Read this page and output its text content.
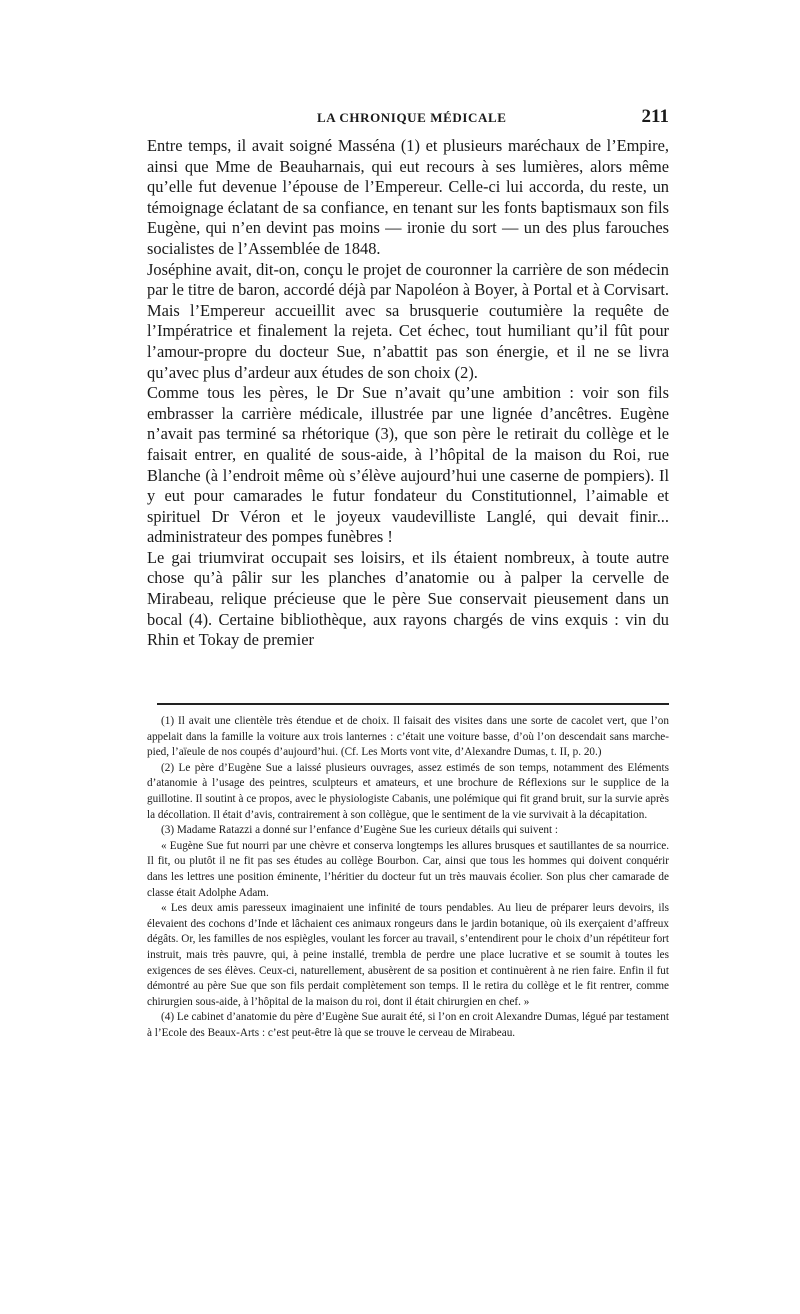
LA CHRONIQUE MÉDICALE	211

Entre temps, il avait soigné Masséna (1) et plusieurs maréchaux de l’Empire, ainsi que Mme de Beauharnais, qui eut recours à ses lumières, alors même qu’elle fut devenue l’épouse de l’Empereur. Celle-ci lui accorda, du reste, un témoignage éclatant de sa confiance, en tenant sur les fonts baptismaux son fils Eugène, qui n’en devint pas moins — ironie du sort — un des plus farouches socialistes de l’Assemblée de 1848.

Joséphine avait, dit-on, conçu le projet de couronner la carrière de son médecin par le titre de baron, accordé déjà par Napoléon à Boyer, à Portal et à Corvisart. Mais l’Empereur accueillit avec sa brusquerie coutumière la requête de l’Impératrice et finalement la rejeta. Cet échec, tout humiliant qu’il fût pour l’amour-propre du docteur Sue, n’abattit pas son énergie, et il ne se livra qu’avec plus d’ardeur aux études de son choix (2).

Comme tous les pères, le Dr Sue n’avait qu’une ambition : voir son fils embrasser la carrière médicale, illustrée par une lignée d’ancêtres. Eugène n’avait pas terminé sa rhétorique (3), que son père le retirait du collège et le faisait entrer, en qualité de sous-aide, à l’hôpital de la maison du Roi, rue Blanche (à l’endroit même où s’élève aujourd’hui une caserne de pompiers). Il y eut pour camarades le futur fondateur du Constitutionnel, l’aimable et spirituel Dr Véron et le joyeux vaudevilliste Langlé, qui devait finir... administrateur des pompes funèbres !

Le gai triumvirat occupait ses loisirs, et ils étaient nombreux, à toute autre chose qu’à pâlir sur les planches d’anatomie ou à palper la cervelle de Mirabeau, relique précieuse que le père Sue conservait pieusement dans un bocal (4). Certaine bibliothèque, aux rayons chargés de vins exquis : vin du Rhin et Tokay de premier

(1) Il avait une clientèle très étendue et de choix. Il faisait des visites dans une sorte de cacolet vert, que l’on appelait dans la famille la voiture aux trois lanternes : c’était une voiture basse, d’où l’on descendait sans marche-pied, l’aïeule de nos coupés d’aujourd’hui. (Cf. Les Morts vont vite, d’Alexandre Dumas, t. II, p. 20.)

(2) Le père d’Eugène Sue a laissé plusieurs ouvrages, assez estimés de son temps, notamment des Eléments d’atanomie à l’usage des peintres, sculpteurs et amateurs, et une brochure de Réflexions sur le supplice de la guillotine. Il soutint à ce propos, avec le physiologiste Cabanis, une polémique qui fit grand bruit, sur la survie après la décollation. Il était d’avis, contrairement à son collègue, que le sentiment de la vie survivait à la décapitation.

(3) Madame Ratazzi a donné sur l’enfance d’Eugène Sue les curieux détails qui suivent :

« Eugène Sue fut nourri par une chèvre et conserva longtemps les allures brusques et sautillantes de sa nourrice. Il fit, ou plutôt il ne fit pas ses études au collège Bourbon. Car, ainsi que tous les hommes qui doivent conquérir dans les lettres une position éminente, l’héritier du docteur fut un très mauvais écolier. Son plus cher camarade de classe était Adolphe Adam.

« Les deux amis paresseux imaginaient une infinité de tours pendables. Au lieu de préparer leurs devoirs, ils élevaient des cochons d’Inde et lâchaient ces animaux rongeurs dans le jardin botanique, où ils exerçaient d’affreux dégâts. Or, les familles de nos espiègles, voulant les forcer au travail, s’entendirent pour le choix d’un répétiteur fort instruit, mais très pauvre, qui, à peine installé, trembla de perdre une place lucrative et se soumit à toutes les exigences de ses élèves. Ceux-ci, naturellement, abusèrent de sa position et continuèrent à ne rien faire. Enfin il fut démontré au père Sue que son fils perdait complètement son temps. Il le retira du collège et le fit rentrer, comme chirurgien sous-aide, à l’hôpital de la maison du roi, dont il était chirurgien en chef. »

(4) Le cabinet d’anatomie du père d’Eugène Sue aurait été, si l’on en croit Alexandre Dumas, légué par testament à l’Ecole des Beaux-Arts : c’est peut-être là que se trouve le cerveau de Mirabeau.
